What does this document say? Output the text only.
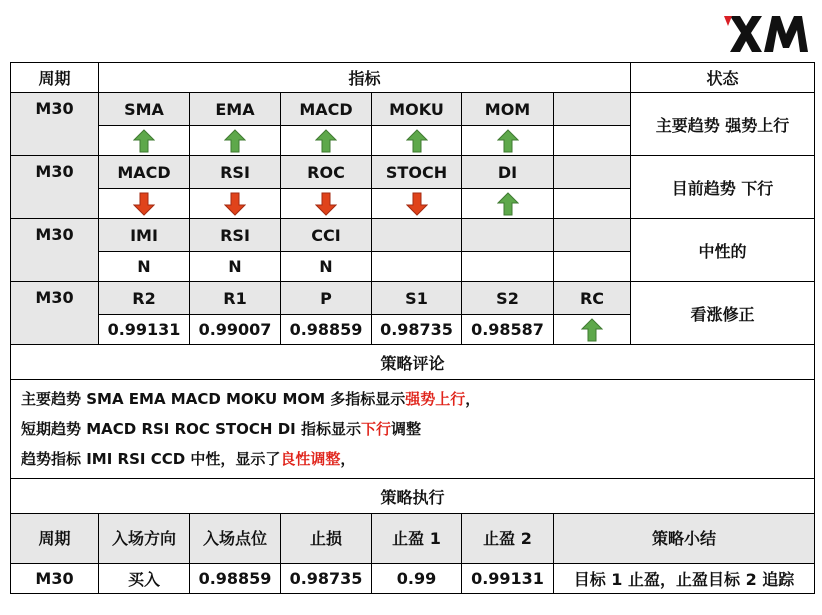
周期	指标						状态
M30	SMA	EMA	MACD	MOKU	MOM		主要趋势 强势上行

M30	MACD	RSI	ROC	STOCH	DI		目前趋势 下行

M30	IMI	RSI	CCI				中性的
	N	N	N				
M30	R2	R1	P	S1	S2	RC	看涨修正
	0.99131	0.99007	0.98859	0.98735	0.98587	
策略评论							

主要趋势 SMA EMA MACD MOKU MOM 多指标显示强势上行，
短期趋势 MACD RSI ROC STOCH DI 指标显示下行调整
趋势指标 IMI RSI CCD 中性，显示了良性调整，							

策略执行							
周期	入场方向	入场点位	止损	止盈 1	止盈 2	策略小结	
M30	买入	0.98859	0.98735	0.99	0.99131	目标 1 止盈，止盈目标 2 追踪	
